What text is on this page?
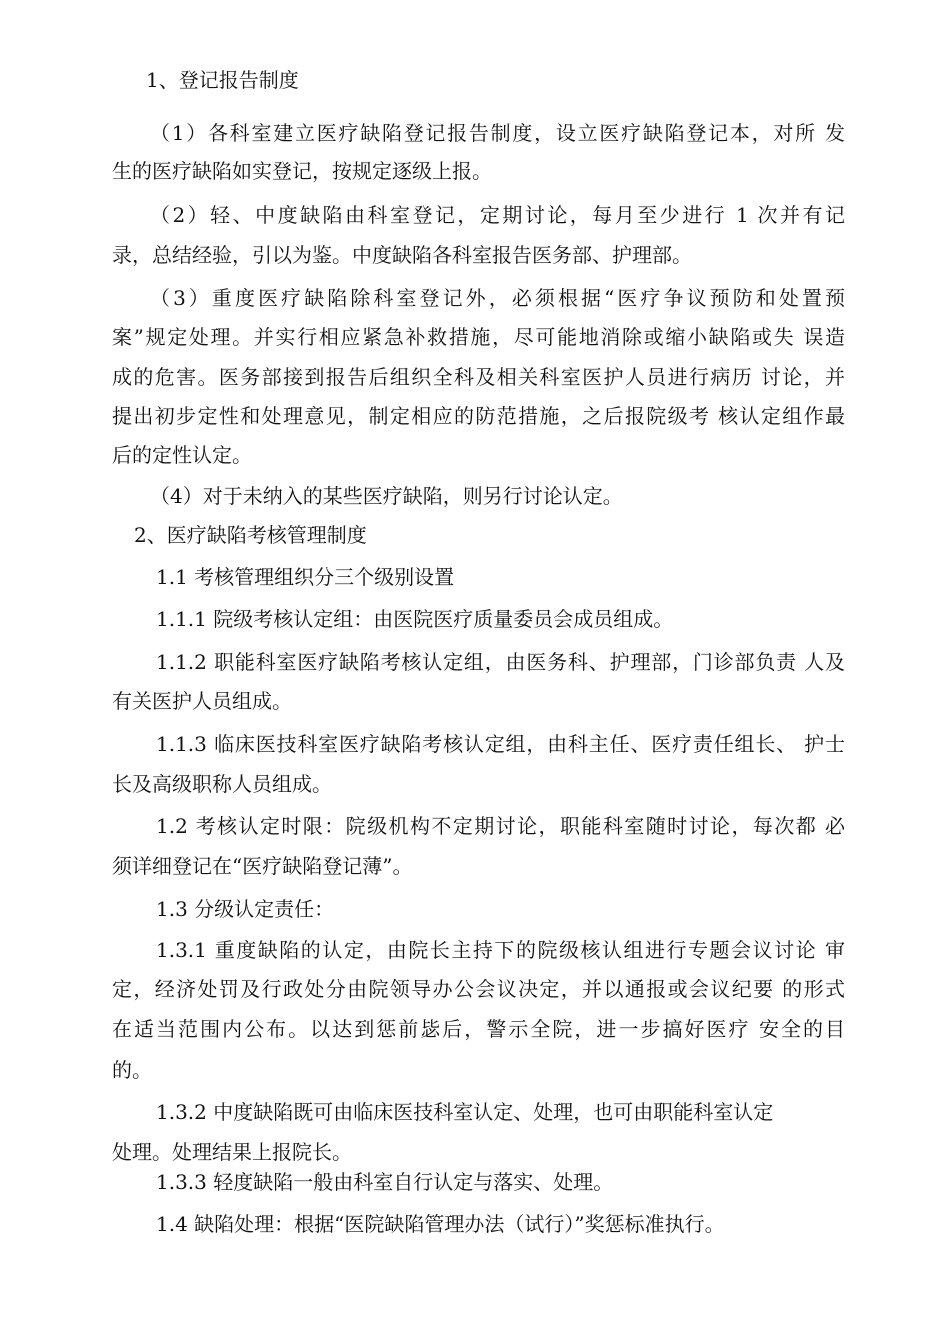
1、登记报告制度

（1）各科室建立医疗缺陷登记报告制度，设立医疗缺陷登记本，对所 发

生的医疗缺陷如实登记，按规定逐级上报。

（2）轻、中度缺陷由科室登记，定期讨论，每月至少进行 1 次并有记

录，总结经验，引以为鉴。中度缺陷各科室报告医务部、护理部。

（3）重度医疗缺陷除科室登记外，必须根据“医疗争议预防和处置预

案”规定处理。并实行相应紧急补救措施，尽可能地消除或缩小缺陷或失 误造

成的危害。医务部接到报告后组织全科及相关科室医护人员进行病历 讨论，并

提出初步定性和处理意见，制定相应的防范措施，之后报院级考 核认定组作最

后的定性认定。

（4）对于未纳入的某些医疗缺陷，则另行讨论认定。

2、医疗缺陷考核管理制度

1.1 考核管理组织分三个级别设置

1.1.1 院级考核认定组：由医院医疗质量委员会成员组成。

1.1.2 职能科室医疗缺陷考核认定组，由医务科、护理部，门诊部负责 人及

有关医护人员组成。

1.1.3 临床医技科室医疗缺陷考核认定组，由科主任、医疗责任组长、 护士

长及高级职称人员组成。

1.2 考核认定时限：院级机构不定期讨论，职能科室随时讨论，每次都 必

须详细登记在“医疗缺陷登记薄”。

1.3 分级认定责任：

1.3.1 重度缺陷的认定，由院长主持下的院级核认组进行专题会议讨论 审

定，经济处罚及行政处分由院领导办公会议决定，并以通报或会议纪要 的形式

在适当范围内公布。以达到惩前毖后，警示全院，进一步搞好医疗 安全的目

的。

1.3.2 中度缺陷既可由临床医技科室认定、处理，也可由职能科室认定

处理。处理结果上报院长。

1.3.3 轻度缺陷一般由科室自行认定与落实、处理。

1.4 缺陷处理：根据“医院缺陷管理办法（试行）”奖惩标准执行。
